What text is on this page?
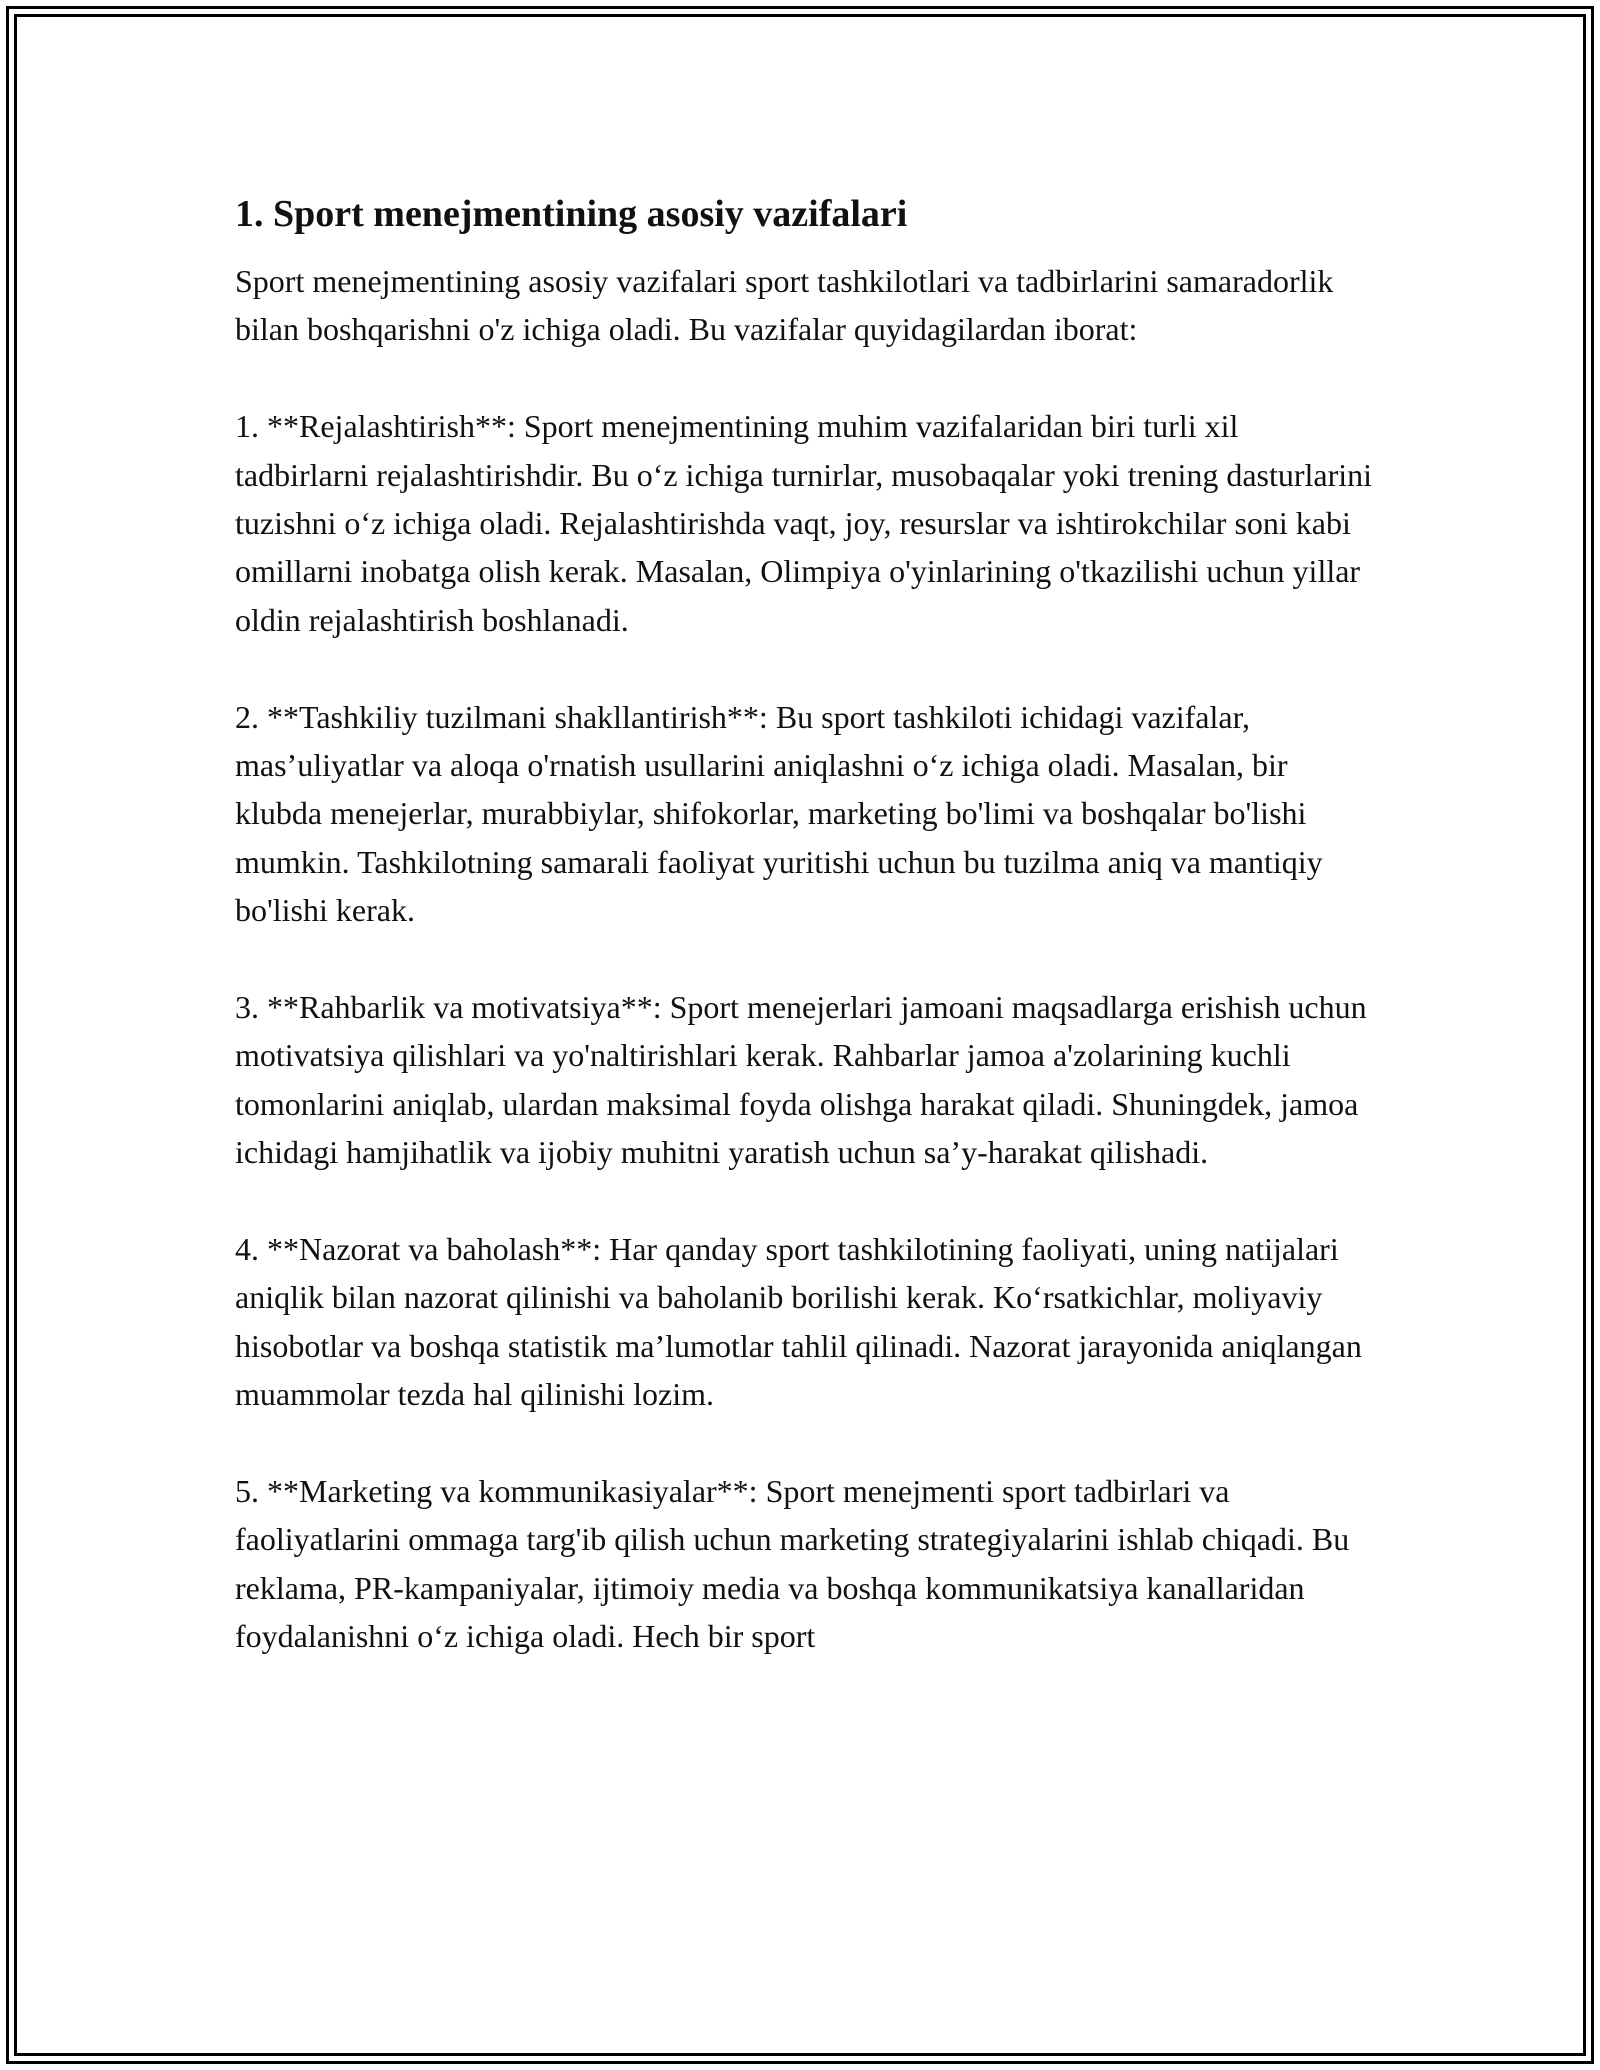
1. Sport menejmentining asosiy vazifalari
Sport menejmentining asosiy vazifalari sport tashkilotlari va tadbirlarini samaradorlik bilan boshqarishni o'z ichiga oladi. Bu vazifalar quyidagilardan iborat:
1. **Rejalashtirish**: Sport menejmentining muhim vazifalaridan biri turli xil tadbirlarni rejalashtirishdir. Bu o‘z ichiga turnirlar, musobaqalar yoki trening dasturlarini tuzishni o‘z ichiga oladi. Rejalashtirishda vaqt, joy, resurslar va ishtirokchilar soni kabi omillarni inobatga olish kerak. Masalan, Olimpiya o'yinlarining o'tkazilishi uchun yillar oldin rejalashtirish boshlanadi.
2. **Tashkiliy tuzilmani shakllantirish**: Bu sport tashkiloti ichidagi vazifalar, mas’uliyatlar va aloqa o'rnatish usullarini aniqlashni o‘z ichiga oladi. Masalan, bir klubda menejerlar, murabbiylar, shifokorlar, marketing bo'limi va boshqalar bo'lishi mumkin. Tashkilotning samarali faoliyat yuritishi uchun bu tuzilma aniq va mantiqiy bo'lishi kerak.
3. **Rahbarlik va motivatsiya**: Sport menejerlari jamoani maqsadlarga erishish uchun motivatsiya qilishlari va yo'naltirishlari kerak. Rahbarlar jamoa a'zolarining kuchli tomonlarini aniqlab, ulardan maksimal foyda olishga harakat qiladi. Shuningdek, jamoa ichidagi hamjihatlik va ijobiy muhitni yaratish uchun sa’y-harakat qilishadi.
4. **Nazorat va baholash**: Har qanday sport tashkilotining faoliyati, uning natijalari aniqlik bilan nazorat qilinishi va baholanib borilishi kerak. Ko‘rsatkichlar, moliyaviy hisobotlar va boshqa statistik ma’lumotlar tahlil qilinadi. Nazorat jarayonida aniqlangan muammolar tezda hal qilinishi lozim.
5. **Marketing va kommunikasiyalar**: Sport menejmenti sport tadbirlari va faoliyatlarini ommaga targ'ib qilish uchun marketing strategiyalarini ishlab chiqadi. Bu reklama, PR-kampaniyalar, ijtimoiy media va boshqa kommunikatsiya kanallaridan foydalanishni o‘z ichiga oladi. Hech bir sport
